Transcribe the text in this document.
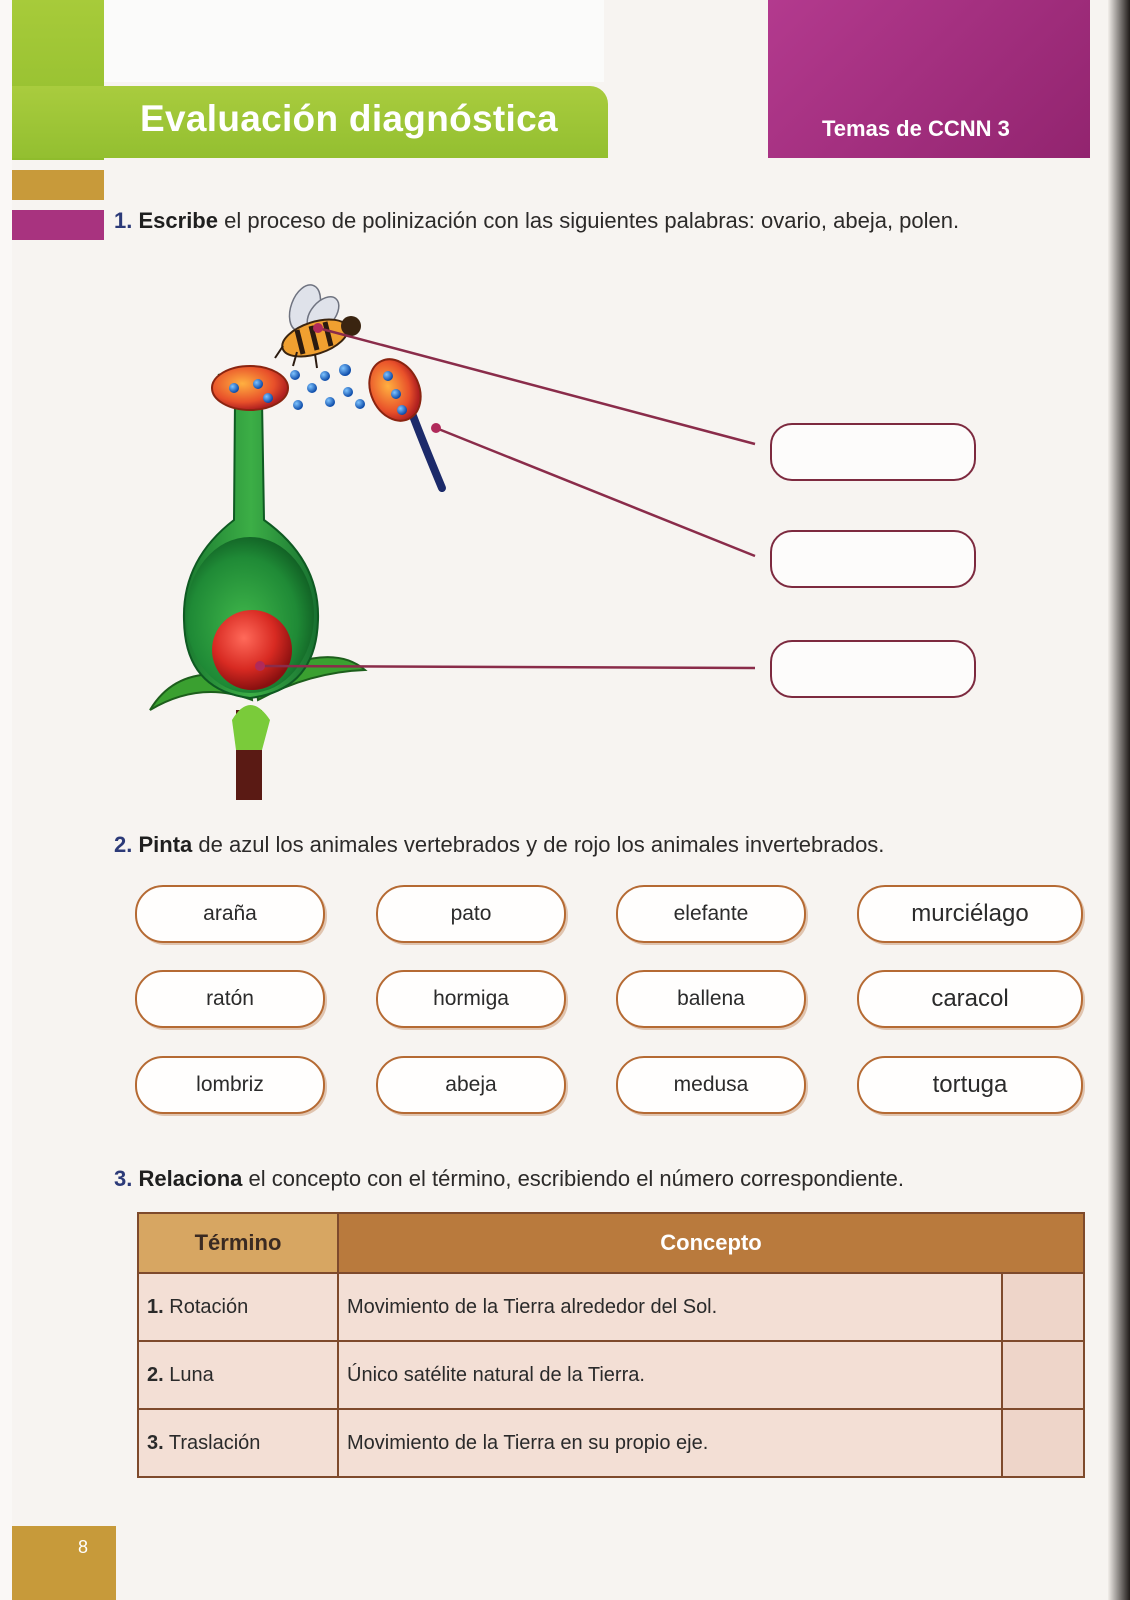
Evaluación diagnóstica	Temas de CCNN 3
1. Escribe el proceso de polinización con las siguientes palabras: ovario, abeja, polen.
2. Pinta de azul los animales vertebrados y de rojo los animales invertebrados.
araña	pato	elefante	murciélago
ratón	hormiga	ballena	caracol
lombriz	abeja	medusa	tortuga
3. Relaciona el concepto con el término, escribiendo el número correspondiente.
Término	Concepto	
1. Rotación	Movimiento de la Tierra alrededor del Sol.	
2. Luna	Único satélite natural de la Tierra.	
3. Traslación	Movimiento de la Tierra en su propio eje.	
8
